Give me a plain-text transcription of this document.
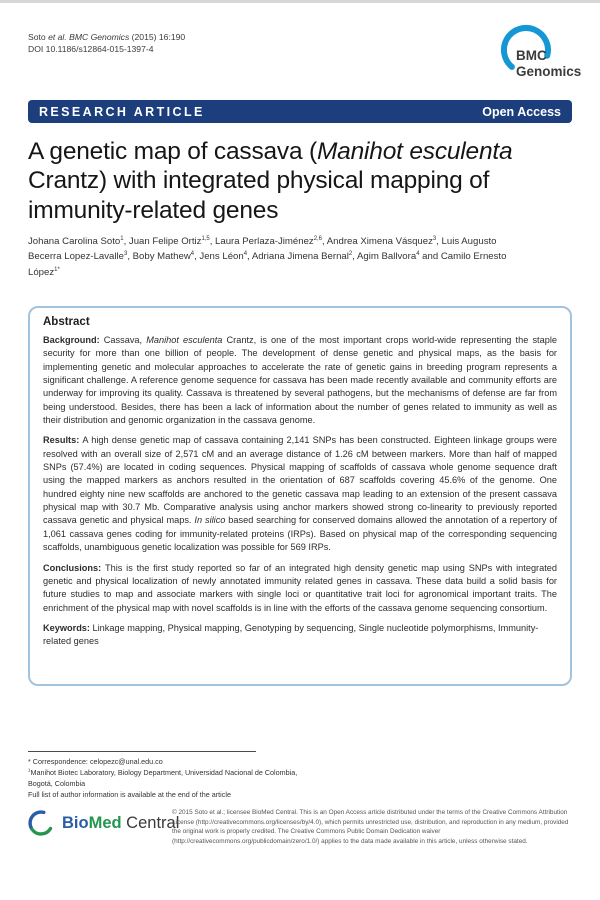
Soto et al. BMC Genomics (2015) 16:190
DOI 10.1186/s12864-015-1397-4	BMC
Genomics
RESEARCH ARTICLE	Open Access
A genetic map of cassava (Manihot esculenta Crantz) with integrated physical mapping of immunity-related genes
Johana Carolina Soto$^1$, Juan Felipe Ortiz$^{1,5}$, Laura Perlaza-Jiménez$^{2,6}$, Andrea Ximena Vásquez$^3$, Luis Augusto Becerra Lopez-Lavalle$^3$, Boby Mathew$^4$, Jens Léon$^4$, Adriana Jimena Bernal$^2$, Agim Ballvora$^4$ and Camilo Ernesto López$^{1*}$
Abstract

Background: Cassava, Manihot esculenta Crantz, is one of the most important crops world-wide representing the staple security for more than one billion of people. The development of dense genetic and physical maps, as the basis for implementing genetic and molecular approaches to accelerate the rate of genetic gains in breeding program represents a significant challenge. A reference genome sequence for cassava has been made recently available and community efforts are underway for improving its quality. Cassava is threatened by several pathogens, but the mechanisms of defense are far from being understood. Besides, there has been a lack of information about the number of genes related to immunity as well as their distribution and genomic organization in the cassava genome.

Results: A high dense genetic map of cassava containing 2,141 SNPs has been constructed. Eighteen linkage groups were resolved with an overall size of 2,571 cM and an average distance of 1.26 cM between markers. More than half of mapped SNPs (57.4%) are located in coding sequences. Physical mapping of scaffolds of cassava whole genome sequence draft using the mapped markers as anchors resulted in the orientation of 687 scaffolds covering 45.6% of the genome. One hundred eighty nine new scaffolds are anchored to the genetic cassava map leading to an extension of the present cassava physical map with 30.7 Mb. Comparative analysis using anchor markers showed strong co-linearity to previously reported cassava genetic and physical maps. In silico based searching for conserved domains allowed the annotation of a repertory of 1,061 cassava genes coding for immunity-related proteins (IRPs). Based on physical map of the corresponding sequencing scaffolds, unambiguous genetic localization was possible for 569 IRPs.

Conclusions: This is the first study reported so far of an integrated high density genetic map using SNPs with integrated genetic and physical localization of newly annotated immunity related genes in cassava. These data build a solid basis for future studies to map and associate markers with single loci or quantitative trait loci for agronomical important traits. The enrichment of the physical map with novel scaffolds is in line with the efforts of the cassava genome sequencing consortium.

Keywords: Linkage mapping, Physical mapping, Genotyping by sequencing, Single nucleotide polymorphisms, Immunity-related genes

* Correspondence: celopezc@unal.edu.co
$^1$Manihot Biotec Laboratory, Biology Department, Universidad Nacional de Colombia, Bogotá, Colombia
Full list of author information is available at the end of the article
BioMed Central
© 2015 Soto et al.; licensee BioMed Central. This is an Open Access article distributed under the terms of the Creative Commons Attribution License (http://creativecommons.org/licenses/by/4.0), which permits unrestricted use, distribution, and reproduction in any medium, provided the original work is properly credited. The Creative Commons Public Domain Dedication waiver (http://creativecommons.org/publicdomain/zero/1.0/) applies to the data made available in this article, unless otherwise stated.
